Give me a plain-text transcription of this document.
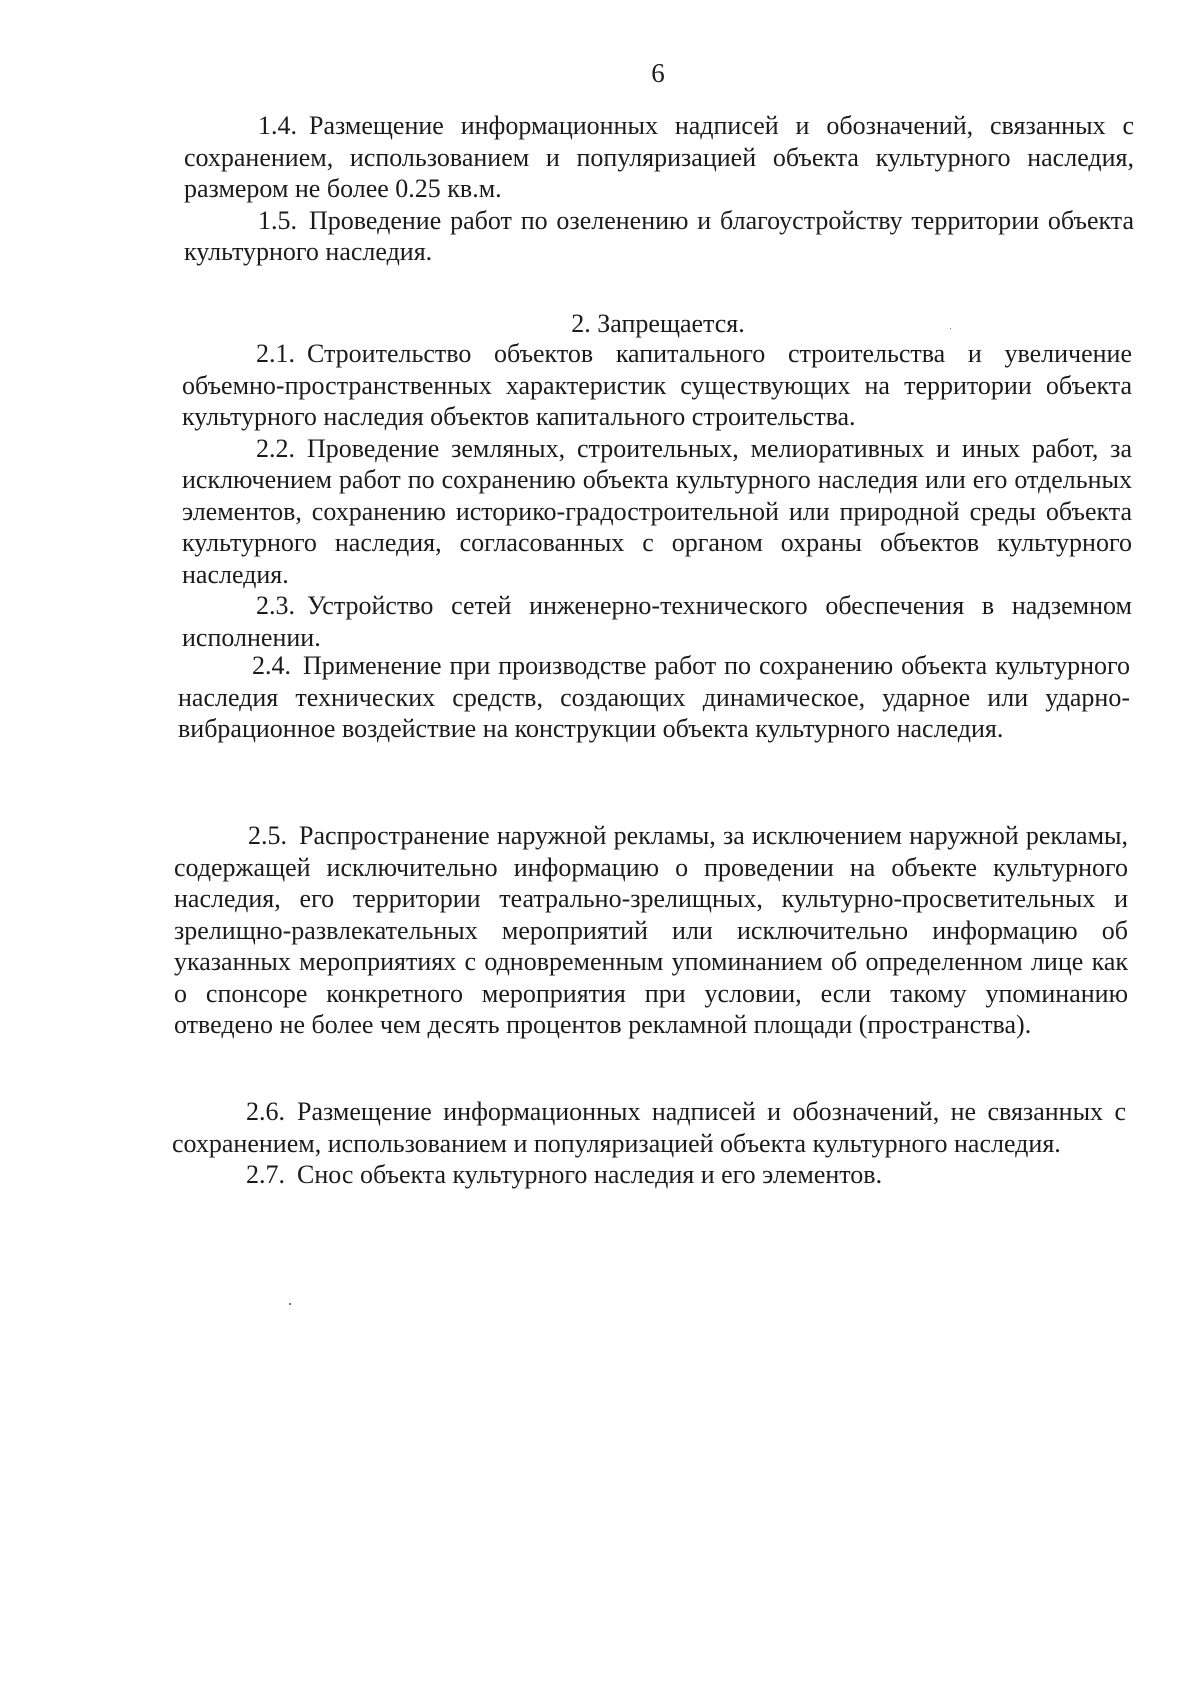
6

1.4. Размещение информационных надписей и обозначений, связанных с сохранением, использованием и популяризацией объекта культурного наследия, размером не более 0.25 кв.м.

1.5. Проведение работ по озеленению и благоустройству территории объекта культурного наследия.

2. Запрещается.

2.1. Строительство объектов капитального строительства и увеличение объемно-пространственных характеристик существующих на территории объекта культурного наследия объектов капитального строительства.

2.2. Проведение земляных, строительных, мелиоративных и иных работ, за исключением работ по сохранению объекта культурного наследия или его отдельных элементов, сохранению историко-градостроительной или природной среды объекта культурного наследия, согласованных с органом охраны объектов культурного наследия.

2.3. Устройство сетей инженерно-технического обеспечения в надземном исполнении.

2.4. Применение при производстве работ по сохранению объекта культурного наследия технических средств, создающих динамическое, ударное или ударно-вибрационное воздействие на конструкции объекта культурного наследия.

2.5. Распространение наружной рекламы, за исключением наружной рекламы, содержащей исключительно информацию о проведении на объекте культурного наследия, его территории театрально-зрелищных, культурно-просветительных и зрелищно-развлекательных мероприятий или исключительно информацию об указанных мероприятиях с одновременным упоминанием об определенном лице как о спонсоре конкретного мероприятия при условии, если такому упоминанию отведено не более чем десять процентов рекламной площади (пространства).

2.6. Размещение информационных надписей и обозначений, не связанных с сохранением, использованием и популяризацией объекта культурного наследия.

2.7. Снос объекта культурного наследия и его элементов.
